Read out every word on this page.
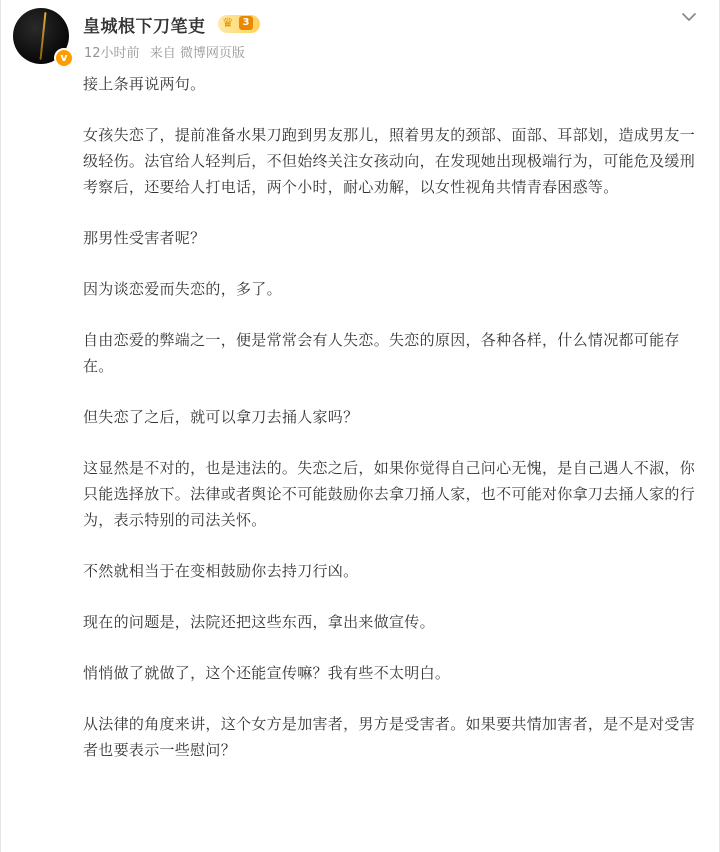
v
皇城根下刀笔吏 ♛ 3
12小时前 来自 微博网页版

接上条再说两句。

女孩失恋了，提前准备水果刀跑到男友那儿，照着男友的颈部、面部、耳部划，造成男友一级轻伤。法官给人轻判后，不但始终关注女孩动向，在发现她出现极端行为，可能危及缓刑考察后，还要给人打电话，两个小时，耐心劝解，以女性视角共情青春困惑等。

那男性受害者呢？

因为谈恋爱而失恋的，多了。

自由恋爱的弊端之一，便是常常会有人失恋。失恋的原因，各种各样，什么情况都可能存在。

但失恋了之后，就可以拿刀去捅人家吗？

这显然是不对的，也是违法的。失恋之后，如果你觉得自己问心无愧，是自己遇人不淑，你只能选择放下。法律或者舆论不可能鼓励你去拿刀捅人家，也不可能对你拿刀去捅人家的行为，表示特别的司法关怀。

不然就相当于在变相鼓励你去持刀行凶。

现在的问题是，法院还把这些东西，拿出来做宣传。

悄悄做了就做了，这个还能宣传嘛？我有些不太明白。

从法律的角度来讲，这个女方是加害者，男方是受害者。如果要共情加害者，是不是对受害者也要表示一些慰问？
